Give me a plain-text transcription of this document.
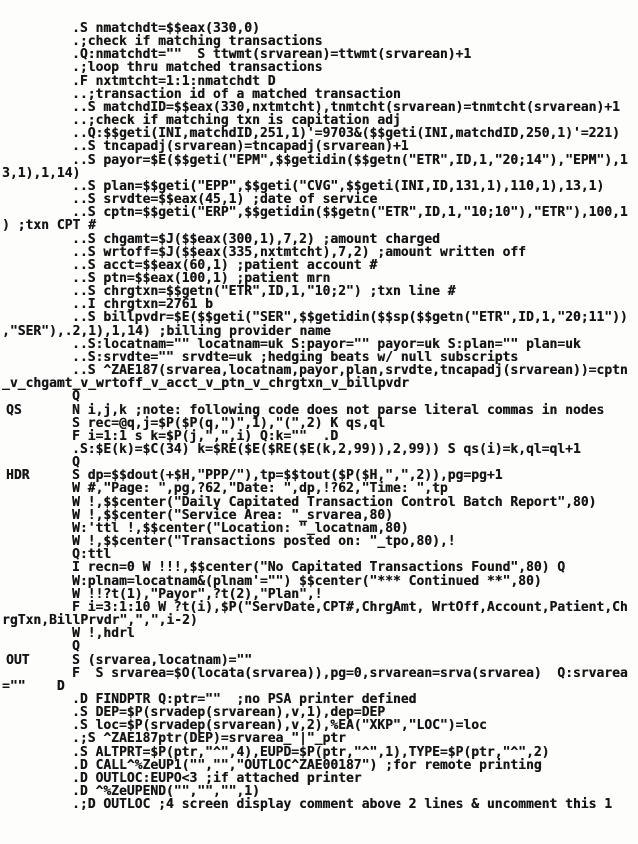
.S nmatchdt=$$eax(330,0)
.;check if matching transactions
.Q:nmatchdt=""  S ttwmt(srvarean)=ttwmt(srvarean)+1
.;loop thru matched transactions
.F nxtmtcht=1:1:nmatchdt D
..;transaction id of a matched transaction
..S matchdID=$$eax(330,nxtmtcht),tnmtcht(srvarean)=tnmtcht(srvarean)+1
..;check if matching txn is capitation adj
..Q:$$geti(INI,matchdID,251,1)'=9703&($$geti(INI,matchdID,250,1)'=221)
..S tncapadj(srvarean)=tncapadj(srvarean)+1
..S payor=$E($$geti("EPM",$$getidin($$getn("ETR",ID,1,"20;14"),"EPM"),1
3,1),1,14)
..S plan=$$geti("EPP",$$geti("CVG",$$geti(INI,ID,131,1),110,1),13,1)
..S srvdte=$$eax(45,1) ;date of service
..S cptn=$$geti("ERP",$$getidin($$getn("ETR",ID,1,"10;10"),"ETR"),100,1
) ;txn CPT #
..S chgamt=$J($$eax(300,1),7,2) ;amount charged
..S wrtoff=$J($$eax(335,nxtmtcht),7,2) ;amount written off
..S acct=$$eax(60,1) ;patient account #
..S ptn=$$eax(100,1) ;patient mrn
..S chrgtxn=$$getn("ETR",ID,1,"10;2") ;txn line #
..I chrgtxn=2761 b
..S billpvdr=$E($$geti("SER",$$getidin($$sp($$getn("ETR",ID,1,"20;11"))
,"SER"),.2,1),1,14) ;billing provider name
..S:locatnam="" locatnam=uk S:payor="" payor=uk S:plan="" plan=uk
..S:srvdte="" srvdte=uk ;hedging beats w/ null subscripts
..S ^ZAE187(srvarea,locatnam,payor,plan,srvdte,tncapadj(srvarean))=cptn
_v_chgamt_v_wrtoff_v_acct_v_ptn_v_chrgtxn_v_billpvdr
Q
QS	N i,j,k ;note: following code does not parse literal commas in nodes
S rec=@q,j=$P($P(q,")",1),"(",2) K qs,ql
F i=1:1 s k=$P(j,",",i) Q:k=""  .D
.S:$E(k)=$C(34) k=$RE($E($RE($E(k,2,99)),2,99)) S qs(i)=k,ql=ql+1
Q
HDR	S dp=$$dout(+$H,"PPP/"),tp=$$tout($P($H,",",2)),pg=pg+1
W #,"Page: ",pg,?62,"Date: ",dp,!?62,"Time: ",tp
W !,$$center("Daily Capitated Transaction Control Batch Report",80)
W !,$$center("Service Area: "_srvarea,80)
W:'ttl !,$$center("Location: "_locatnam,80)
W !,$$center("Transactions posted on: "_tpo,80),!
Q:ttl
I recn=0 W !!!,$$center("No Capitated Transactions Found",80) Q
W:plnam=locatnam&(plnam'="") $$center("*** Continued **",80)
W !!?t(1),"Payor",?t(2),"Plan",!
F i=3:1:10 W ?t(i),$P("ServDate,CPT#,ChrgAmt, WrtOff,Account,Patient,Ch
rgTxn,BillPrvdr",",",i-2)
W !,hdrl
Q
OUT	S (srvarea,locatnam)=""
F  S srvarea=$O(locata(srvarea)),pg=0,srvarean=srva(srvarea)  Q:srvarea
=""    D
.D FINDPTR Q:ptr=""  ;no PSA printer defined
.S DEP=$P(srvadep(srvarean),v,1),dep=DEP
.S loc=$P(srvadep(srvarean),v,2),%EA("XKP","LOC")=loc
.;S ^ZAE187ptr(DEP)=srvarea_"|"_ptr
.S ALTPRT=$P(ptr,"^",4),EUPD=$P(ptr,"^",1),TYPE=$P(ptr,"^",2)
.D CALL^%ZeUP1("","","OUTLOC^ZAE00187") ;for remote printing
.D OUTLOC:EUPO<3 ;if attached printer
.D ^%ZeUPEND("","","",1)
.;D OUTLOC ;4 screen display comment above 2 lines & uncomment this 1
